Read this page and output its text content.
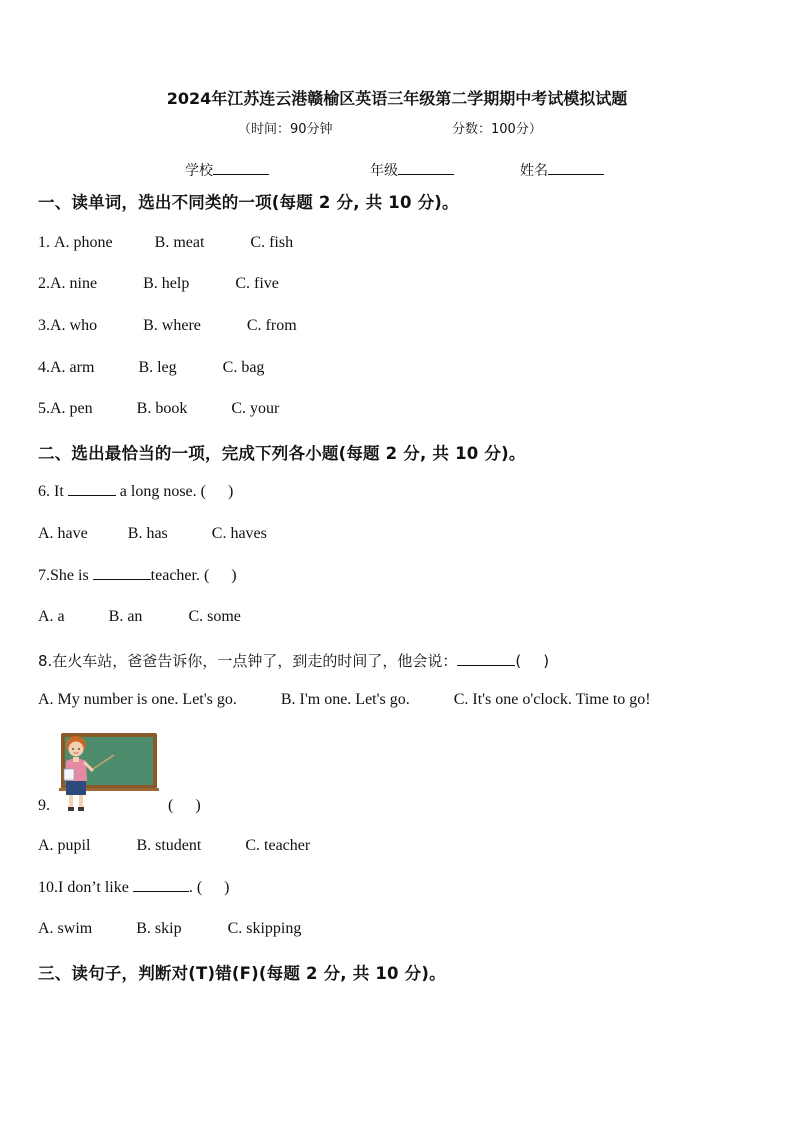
2024年江苏连云港赣榆区英语三年级第二学期期中考试模拟试题
（时间：90分钟	分数：100分）
学校	年级	姓名
一、读单词，选出不同类的一项(每题 2 分, 共 10 分)。
1. A. phone	B. meat	C. fish
2.A. nine	B. help	C. five
3.A. who	B. where	C. from
4.A. arm	B. leg	C. bag
5.A. pen	B. book	C. your
二、选出最恰当的一项，完成下列各小题(每题 2 分, 共 10 分)。
6. It	a long nose. ( )
A. have	B. has	C. haves
7.She is	teacher. ( )
A. a	B. an	C. some
8.在火车站，爸爸告诉你，一点钟了，到走的时间了，他会说：	( )
A. My number is one. Let's go.	B. I'm one. Let's go.	C. It's one o'clock. Time to go!
9.	( )
A. pupil	B. student	C. teacher
10.I don’t like	. ( )
A. swim	B. skip	C. skipping
三、读句子，判断对(T)错(F)(每题 2 分, 共 10 分)。
